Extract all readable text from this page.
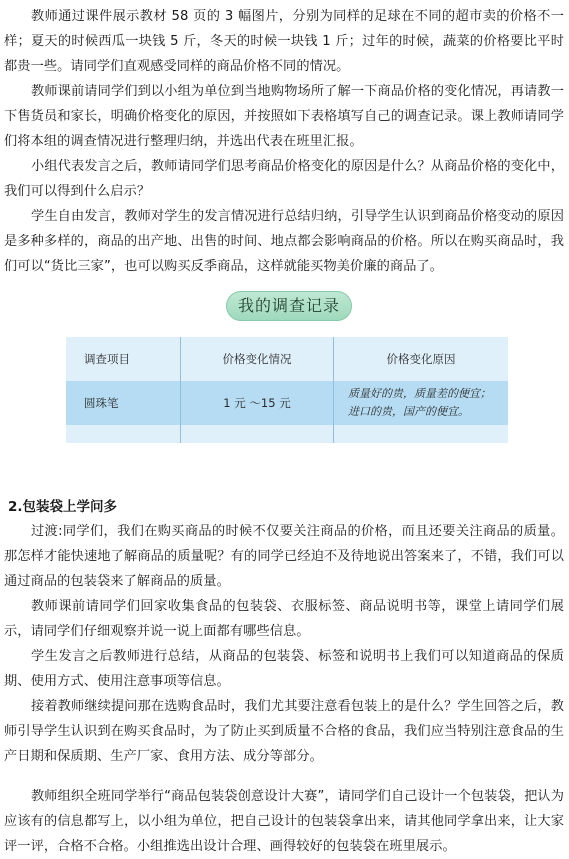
教师通过课件展示教材 58 页的 3 幅图片，分别为同样的足球在不同的超市卖的价格不一样；夏天的时候西瓜一块钱 5 斤，冬天的时候一块钱 1 斤；过年的时候，蔬菜的价格要比平时都贵一些。请同学们直观感受同样的商品价格不同的情况。

教师课前请同学们到以小组为单位到当地购物场所了解一下商品价格的变化情况，再请教一下售货员和家长，明确价格变化的原因，并按照如下表格填写自己的调查记录。课上教师请同学们将本组的调查情况进行整理归纳，并选出代表在班里汇报。

小组代表发言之后，教师请同学们思考商品价格变化的原因是什么？从商品价格的变化中，我们可以得到什么启示？

学生自由发言，教师对学生的发言情况进行总结归纳，引导学生认识到商品价格变动的原因是多种多样的，商品的出产地、出售的时间、地点都会影响商品的价格。所以在购买商品时，我们可以“货比三家”，也可以购买反季商品，这样就能买物美价廉的商品了。

我的调查记录
调查项目	价格变化情况	价格变化原因
圆珠笔	1 元 ～15 元	质量好的贵，质量差的便宜；
进口的贵，国产的便宜。

2.包装袋上学问多

过渡:同学们，我们在购买商品的时候不仅要关注商品的价格，而且还要关注商品的质量。那怎样才能快速地了解商品的质量呢？有的同学已经迫不及待地说出答案来了，不错，我们可以通过商品的包装袋来了解商品的质量。

教师课前请同学们回家收集食品的包装袋、衣服标签、商品说明书等，课堂上请同学们展示，请同学们仔细观察并说一说上面都有哪些信息。

学生发言之后教师进行总结，从商品的包装袋、标签和说明书上我们可以知道商品的保质期、使用方式、使用注意事项等信息。

接着教师继续提问那在选购食品时，我们尤其要注意看包装上的是什么？学生回答之后，教师引导学生认识到在购买食品时，为了防止买到质量不合格的食品，我们应当特别注意食品的生产日期和保质期、生产厂家、食用方法、成分等部分。

教师组织全班同学举行“商品包装袋创意设计大赛”，请同学们自己设计一个包装袋，把认为应该有的信息都写上，以小组为单位，把自己设计的包装袋拿出来，请其他同学拿出来，让大家评一评，合格不合格。小组推选出设计合理、画得较好的包装袋在班里展示。
